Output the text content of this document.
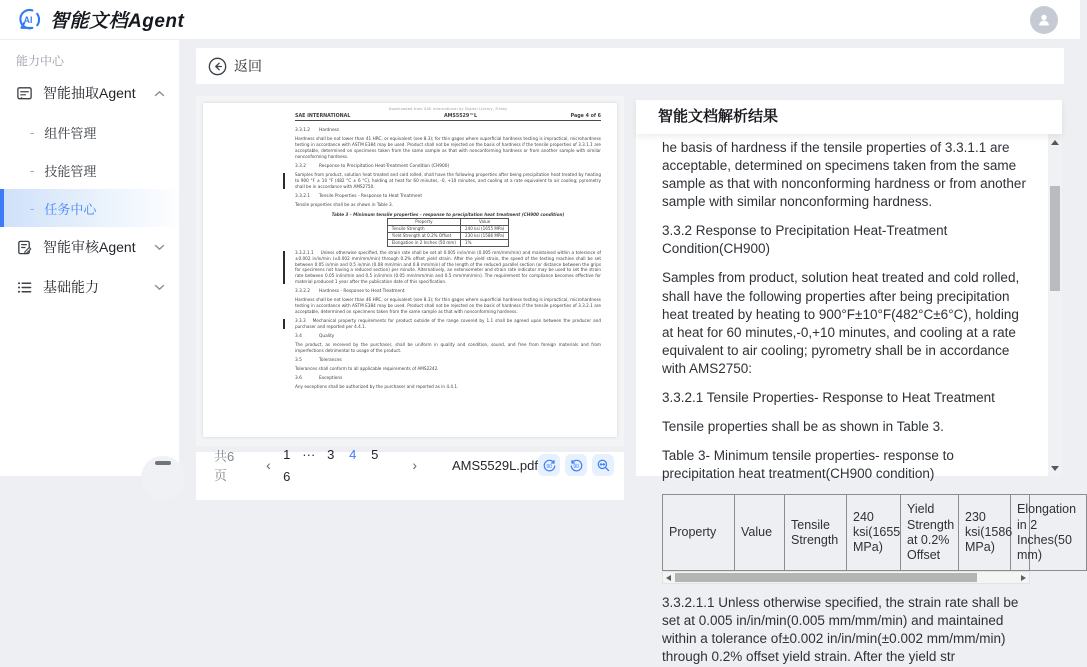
AI 智能文档Agent
能力中心
智能抽取Agent
- 组件管理
- 技能管理
- 任务中心
智能审核Agent
基础能力
返回
Downloaded from SAE International by Digital Library, Friday
SAE INTERNATIONAL	AMS5529™L	Page 4 of 6
3.3.1.2	Hardness
Hardness shall be not lower than 41 HRC, or equivalent (see 8.3); for thin gages where superficial hardness testing is impractical, microhardness testing in accordance with ASTM E384 may be used. Product shall not be rejected on the basis of hardness if the tensile properties of 3.3.1.1 are acceptable, determined on specimens taken from the same sample as that with nonconforming hardness or from another sample with similar nonconforming hardness.
3.3.2	Response to Precipitation Heat-Treatment Condition (CH900)
Samples from product, solution heat treated and cold rolled, shall have the following properties after being precipitation heat treated by heating to 900 °F ± 10 °F (482 °C ± 6 °C), holding at heat for 60 minutes, -0, +10 minutes, and cooling at a rate equivalent to air cooling; pyrometry shall be in accordance with AMS2750.
3.3.2.1	Tensile Properties - Response to Heat Treatment
Tensile properties shall be as shown in Table 3.
Table 3 - Minimum tensile properties - response to precipitation heat treatment (CH900 condition)
Property	Value
Tensile Strength	240 ksi (1655 MPa)
Yield Strength at 0.2% Offset	230 ksi (1586 MPa)
Elongation in 2 Inches (50 mm)	1%
3.3.2.1.1 Unless otherwise specified, the strain rate shall be set at 0.005 in/in/min (0.005 mm/mm/min) and maintained within a tolerance of ±0.002 in/in/min (±0.002 mm/mm/min) through 0.2% offset yield strain. After the yield strain, the speed of the testing machine shall be set between 0.05 in/min and 0.5 in/min (0.08 mm/min and 0.8 mm/min) of the length of the reduced parallel section (or distance between the grips for specimens not having a reduced section) per minute. Alternatively, an extensometer and strain rate indicator may be used to set the strain rate between 0.05 in/in/min and 0.5 in/in/min (0.05 mm/mm/min and 0.5 mm/mm/min). The requirement for compliance becomes effective for material produced 1 year after the publication date of this specification.
3.3.2.2	Hardness - Response to Heat Treatment
Hardness shall be not lower than 46 HRC, or equivalent (see 8.3); for thin gages where superficial hardness testing is impractical, microhardness testing in accordance with ASTM E384 may be used. Product shall not be rejected on the basis of hardness if the tensile properties of 3.3.2.1 are acceptable, determined on specimens taken from the same sample as that with nonconforming hardness.
3.3.3 Mechanical property requirements for product outside of the range covered by 1.1 shall be agreed upon between the producer and purchaser and reported per 4.4.1.
3.4	Quality
The product, as received by the purchaser, shall be uniform in quality and condition, sound, and free from foreign materials and from imperfections detrimental to usage of the product.
3.5	Tolerances
Tolerances shall conform to all applicable requirements of AMS2242.
3.6	Exceptions
Any exceptions shall be authorized by the purchaser and reported as in 4.4.1.
共6页
‹
1 ··· 3 4 56
›	AMS5529L.pdf 90	90
智能文档解析结果
he basis of hardness if the tensile properties of 3.3.1.1 are acceptable, determined on specimens taken from the same sample as that with nonconforming hardness or from another sample with similar nonconforming hardness.
3.3.2 Response to Precipitation Heat-Treatment Condition(CH900)
Samples from product, solution heat treated and cold rolled, shall have the following properties after being precipitation heat treated by heating to 900°F±10°F(482°C±6°C), holding at heat for 60 minutes,-0,+10 minutes, and cooling at a rate equivalent to air cooling; pyrometry shall be in accordance with AMS2750:
3.3.2.1 Tensile Properties- Response to Heat Treatment
Tensile properties shall be as shown in Table 3.
Table 3- Minimum tensile properties- response to precipitation heat treatment(CH900 condition)
Property	Value	Tensile Strength	240 ksi(1655 MPa)	Yield Strength at 0.2% Offset	230 ksi(1586 MPa)	Elongation in 2 Inches(50 mm)
3.3.2.1.1 Unless otherwise specified, the strain rate shall be set at 0.005 in/in/min(0.005 mm/mm/min) and maintained within a tolerance of±0.002 in/in/min(±0.002 mm/mm/min) through 0.2% offset yield strain. After the yield str
